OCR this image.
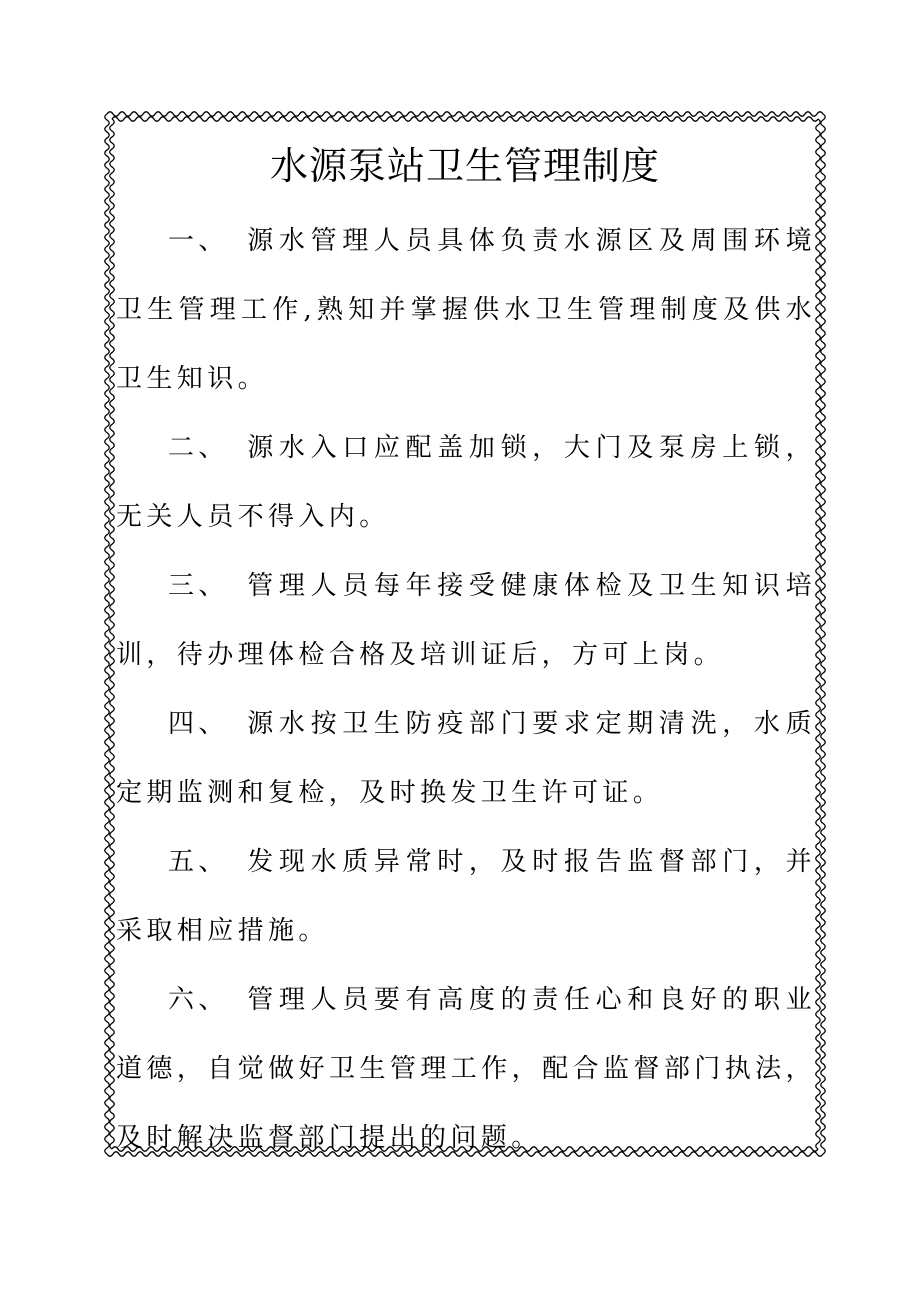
水源泵站卫生管理制度

一、 源水管理人员具体负责水源区及周围环境卫生管理工作,熟知并掌握供水卫生管理制度及供水卫生知识。

二、 源水入口应配盖加锁，大门及泵房上锁，无关人员不得入内。

三、 管理人员每年接受健康体检及卫生知识培训，待办理体检合格及培训证后，方可上岗。

四、 源水按卫生防疫部门要求定期清洗，水质定期监测和复检，及时换发卫生许可证。

五、 发现水质异常时，及时报告监督部门，并采取相应措施。

六、 管理人员要有高度的责任心和良好的职业道德，自觉做好卫生管理工作，配合监督部门执法，及时解决监督部门提出的问题。
